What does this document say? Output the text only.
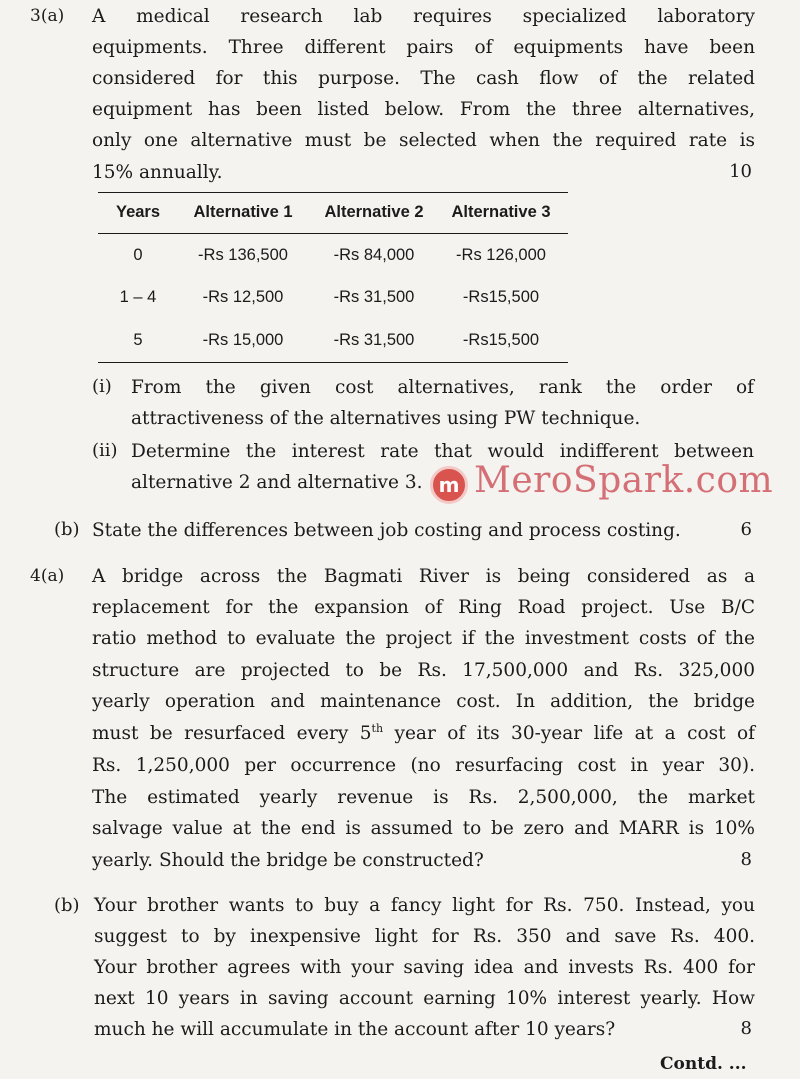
3(a) A medical research lab requires specialized laboratory
equipments. Three different pairs of equipments have been
considered for this purpose. The cash flow of the related
equipment has been listed below. From the three alternatives,
only one alternative must be selected when the required rate is
15% annually.	10
Years	Alternative 1	Alternative 2	Alternative 3
0	-Rs 136,500	-Rs 84,000	-Rs 126,000
1 – 4	-Rs 12,500	-Rs 31,500	-Rs15,500
5	-Rs 15,000	-Rs 31,500	-Rs15,500
(i) From the given cost alternatives, rank the order of
attractiveness of the alternatives using PW technique.
(ii) Determine the interest rate that would indifferent between
alternative 2 and alternative 3. m MeroSpark.com
(b) State the differences between job costing and process costing.	6
4(a) A bridge across the Bagmati River is being considered as a
replacement for the expansion of Ring Road project. Use B/C
ratio method to evaluate the project if the investment costs of the
structure are projected to be Rs. 17,500,000 and Rs. 325,000
yearly operation and maintenance cost. In addition, the bridge
must be resurfaced every 5th year of its 30-year life at a cost of
Rs. 1,250,000 per occurrence (no resurfacing cost in year 30).
The estimated yearly revenue is Rs. 2,500,000, the market
salvage value at the end is assumed to be zero and MARR is 10%
yearly. Should the bridge be constructed?	8
(b) Your brother wants to buy a fancy light for Rs. 750. Instead, you
suggest to by inexpensive light for Rs. 350 and save Rs. 400.
Your brother agrees with your saving idea and invests Rs. 400 for
next 10 years in saving account earning 10% interest yearly. How
much he will accumulate in the account after 10 years?	8
Contd. ...
